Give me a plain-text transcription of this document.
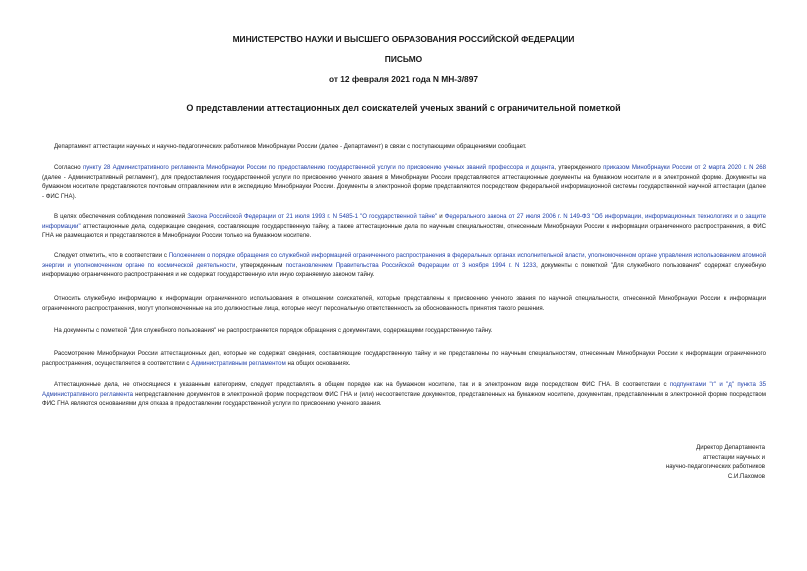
МИНИСТЕРСТВО НАУКИ И ВЫСШЕГО ОБРАЗОВАНИЯ РОССИЙСКОЙ ФЕДЕРАЦИИ
ПИСЬМО
от 12 февраля 2021 года N МН-3/897
О представлении аттестационных дел соискателей ученых званий с ограничительной пометкой
Департамент аттестации научных и научно-педагогических работников Минобрнауки России (далее - Департамент) в связи с поступающими обращениями сообщает.
Согласно пункту 28 Административного регламента Минобрнауки России по предоставлению государственной услуги по присвоению ученых званий профессора и доцента, утвержденного приказом Минобрнауки России от 2 марта 2020 г. N 268 (далее - Административный регламент), для предоставления государственной услуги по присвоению ученого звания в Минобрнауки России представляются аттестационные документы на бумажном носителе и в электронной форме. Документы на бумажном носителе представляются почтовым отправлением или в экспедицию Минобрнауки России. Документы в электронной форме представляются посредством федеральной информационной системы государственной научной аттестации (далее - ФИС ГНА).
В целях обеспечения соблюдения положений Закона Российской Федерации от 21 июля 1993 г. N 5485-1 "О государственной тайне" и Федерального закона от 27 июля 2006 г. N 149-ФЗ "Об информации, информационных технологиях и о защите информации" аттестационные дела, содержащие сведения, составляющие государственную тайну, а также аттестационные дела по научным специальностям, отнесенным Минобрнауки России к информации ограниченного распространения, в ФИС ГНА не размещаются и представляются в Минобрнауки России только на бумажном носителе.
Следует отметить, что в соответствии с Положением о порядке обращения со служебной информацией ограниченного распространения в федеральных органах исполнительной власти, уполномоченном органе управления использованием атомной энергии и уполномоченном органе по космической деятельности, утвержденным постановлением Правительства Российской Федерации от 3 ноября 1994 г. N 1233, документы с пометкой "Для служебного пользования" содержат служебную информацию ограниченного распространения и не содержат государственную или иную охраняемую законом тайну.
Относить служебную информацию к информации ограниченного использования в отношении соискателей, которые представлены к присвоению ученого звания по научной специальности, отнесенной Минобрнауки России к информации ограниченного распространения, могут уполномоченные на это должностные лица, которые несут персональную ответственность за обоснованность принятия такого решения.
На документы с пометкой "Для служебного пользования" не распространяется порядок обращения с документами, содержащими государственную тайну.
Рассмотрение Минобрнауки России аттестационных дел, которые не содержат сведения, составляющие государственную тайну и не представлены по научным специальностям, отнесенным Минобрнауки России к информации ограниченного распространения, осуществляется в соответствии с Административным регламентом на общих основаниях.
Аттестационные дела, не относящиеся к указанным категориям, следует представлять в общем порядке как на бумажном носителе, так и в электронном виде посредством ФИС ГНА. В соответствии с подпунктами "г" и "д" пункта 35 Административного регламента непредставление документов в электронной форме посредством ФИС ГНА и (или) несоответствие документов, представленных на бумажном носителе, документам, представленным в электронной форме посредством ФИС ГНА являются основаниями для отказа в предоставлении государственной услуги по присвоению ученого звания.
Директор Департамента
аттестации научных и
научно-педагогических работников
С.И.Пахомов
